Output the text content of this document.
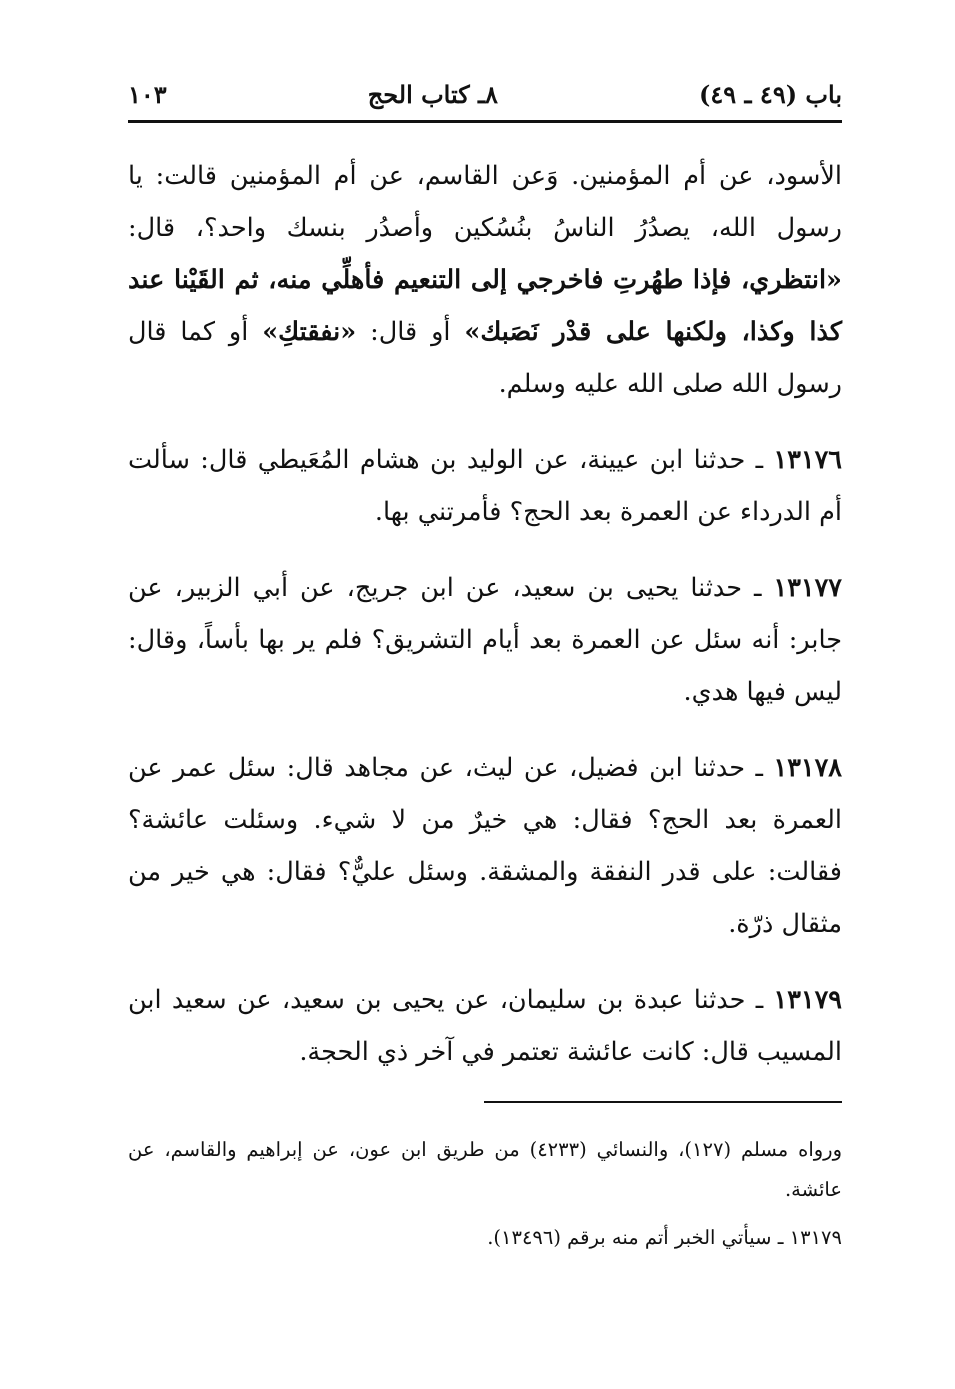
باب (٤٩ ـ ٤٩)
٨ـ كتاب الحج
١٠٣

الأسود، عن أم المؤمنين. وَعن القاسم، عن أم المؤمنين قالت: يا رسول الله، يصدُرُ الناسُ بنُسُكين وأصدُر بنسك واحد؟، قال: «انتظري، فإذا طهُرتِ فاخرجي إلى التنعيم فأهلِّي منه، ثم القَيْنا عند كذا وكذا، ولكنها على قدْر نَصَبك» أو قال: «نفقتكِ» أو كما قال رسول الله صلى الله عليه وسلم.

١٣١٧٦ ـ حدثنا ابن عيينة، عن الوليد بن هشام المُعَيطي قال: سألت أم الدرداء عن العمرة بعد الحج؟ فأمرتني بها.

١٣١٧٧ ـ حدثنا يحيى بن سعيد، عن ابن جريج، عن أبي الزبير، عن جابر: أنه سئل عن العمرة بعد أيام التشريق؟ فلم ير بها بأساً، وقال: ليس فيها هدي.

١٣١٧٨ ـ حدثنا ابن فضيل، عن ليث، عن مجاهد قال: سئل عمر عن العمرة بعد الحج؟ فقال: هي خيرٌ من لا شيء. وسئلت عائشة؟ فقالت: على قدر النفقة والمشقة. وسئل عليٌّ؟ فقال: هي خير من مثقال ذرّة.

١٣١٧٩ ـ حدثنا عبدة بن سليمان، عن يحيى بن سعيد، عن سعيد ابن المسيب قال: كانت عائشة تعتمر في آخر ذي الحجة.

ورواه مسلم (١٢٧)، والنسائي (٤٢٣٣) من طريق ابن عون، عن إبراهيم والقاسم، عن عائشة.

١٣١٧٩ ـ سيأتي الخبر أتم منه برقم (١٣٤٩٦).
